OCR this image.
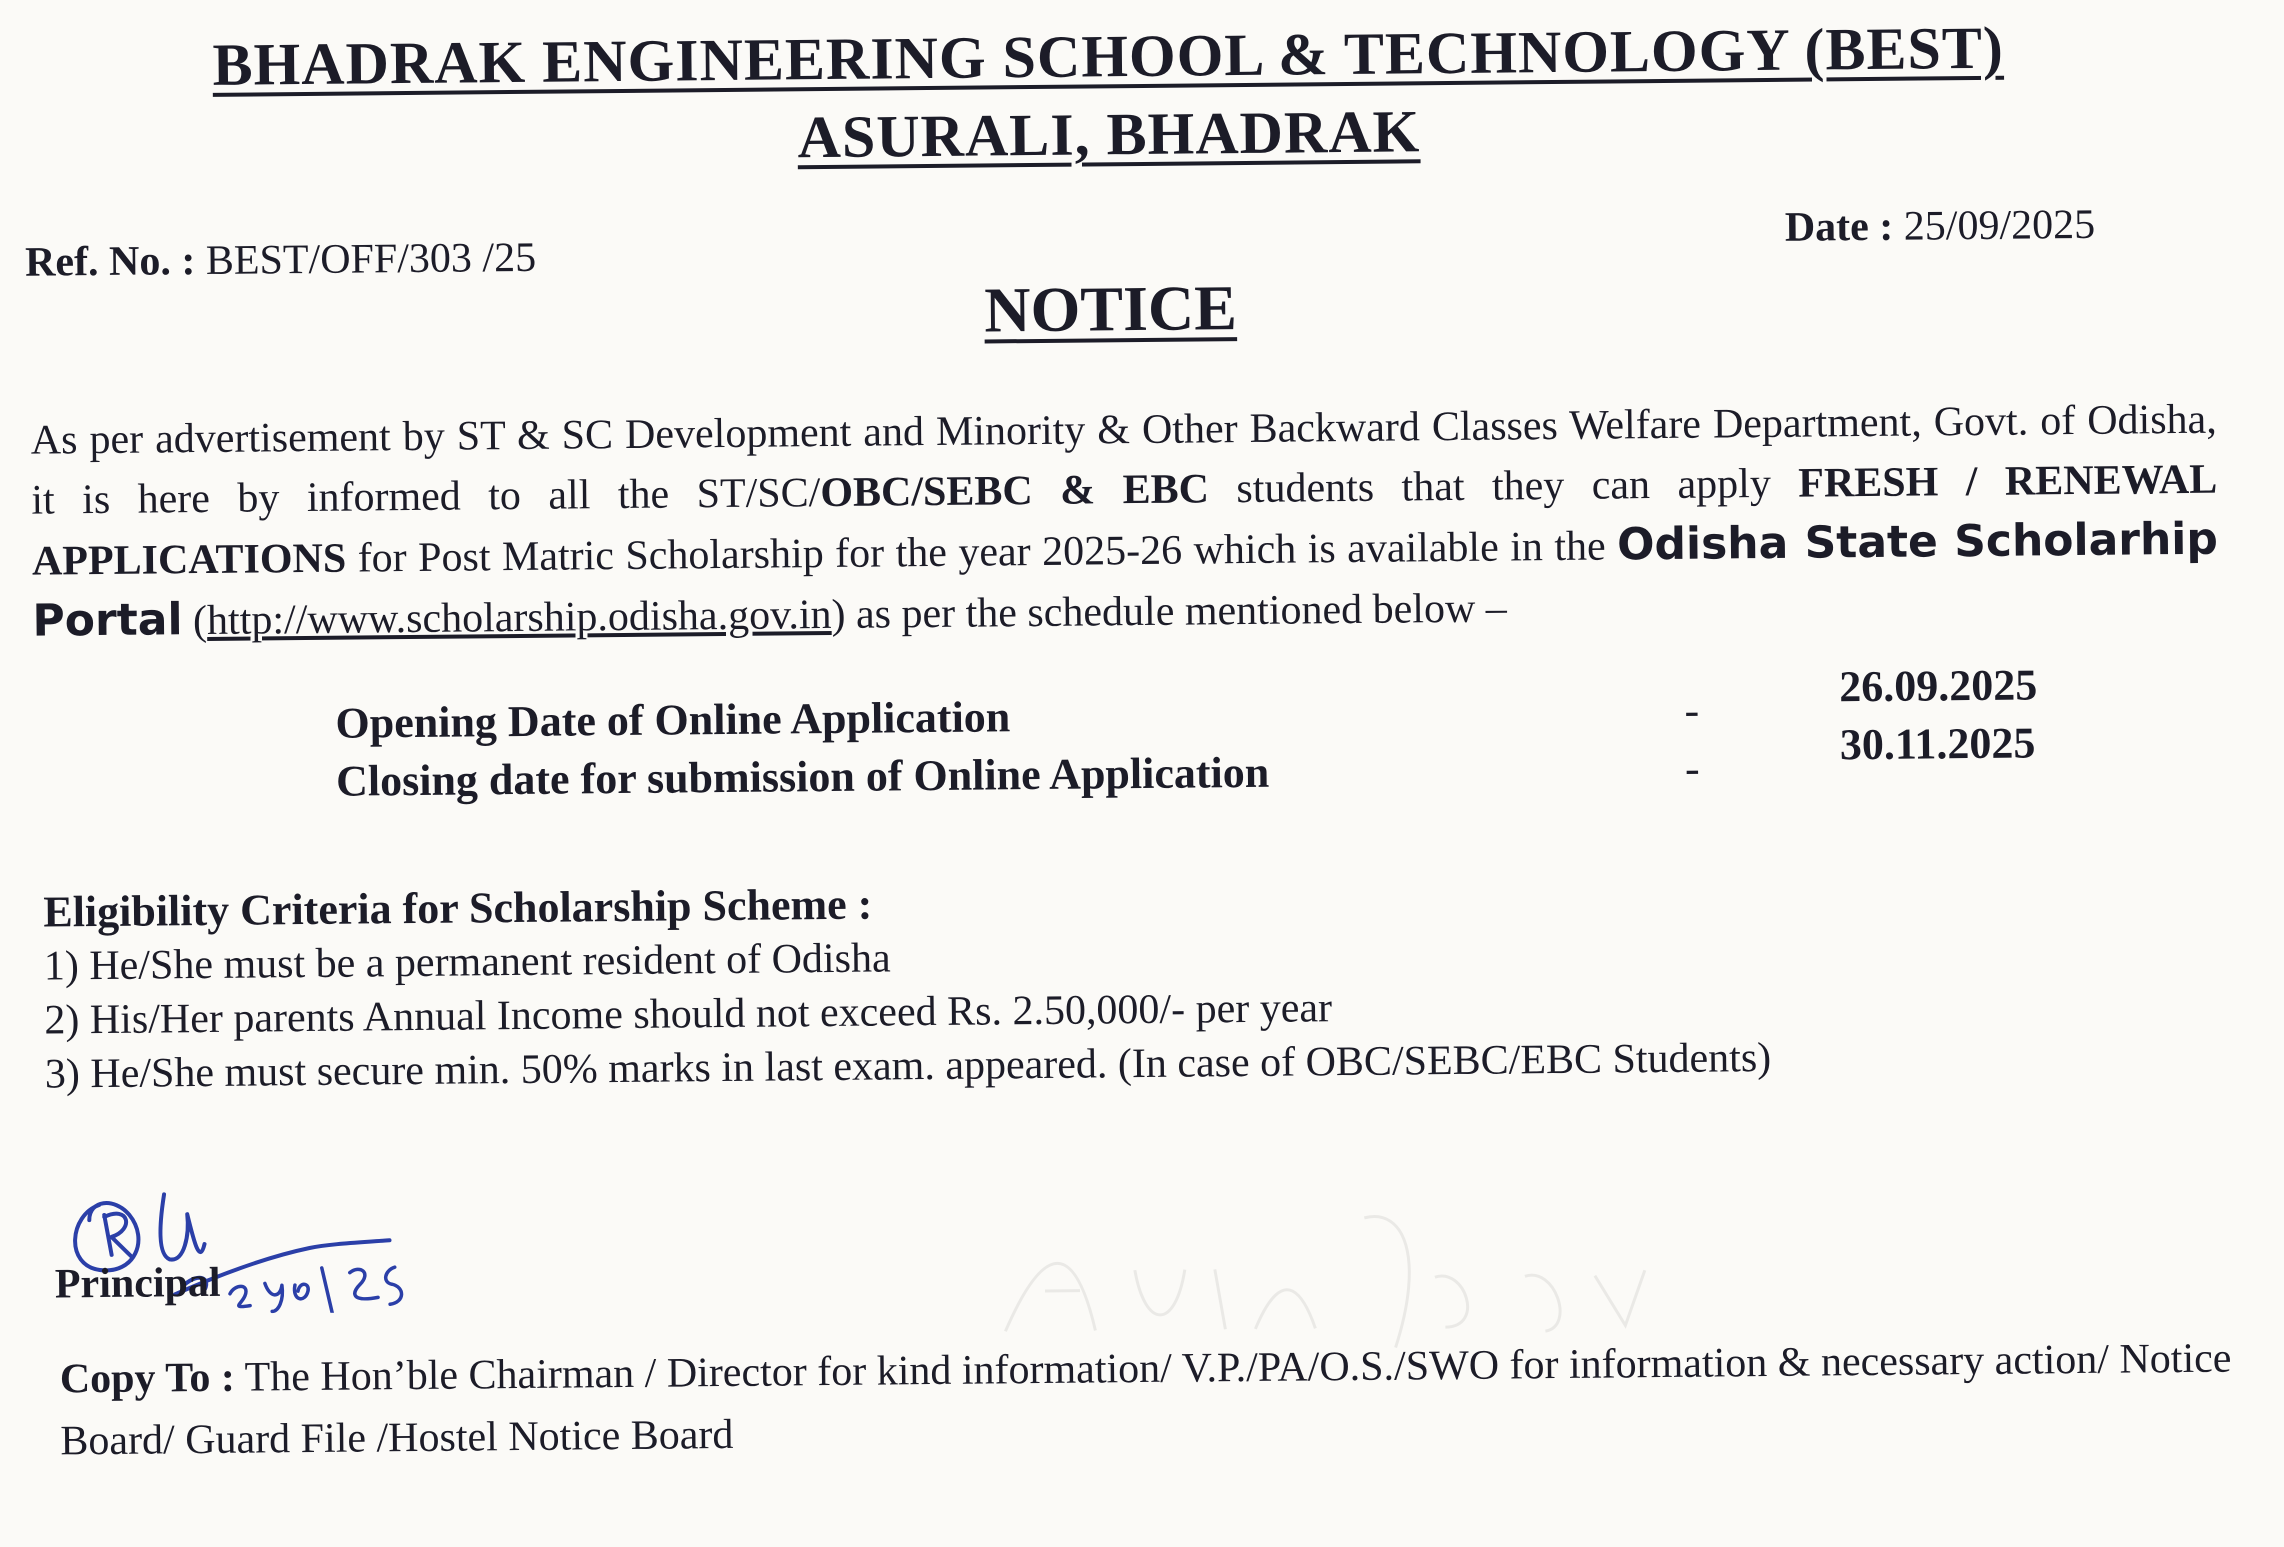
BHADRAK ENGINEERING SCHOOL & TECHNOLOGY (BEST)
ASURALI, BHADRAK
Ref. No. : BEST/OFF/303 /25
Date : 25/09/2025
NOTICE
As per advertisement by ST & SC Development and Minority & Other Backward Classes Welfare Department, Govt. of Odisha, it is here by informed to all the ST/SC/OBC/SEBC & EBC students that they can apply FRESH / RENEWAL APPLICATIONS for Post Matric Scholarship for the year 2025-26 which is available in the Odisha State Scholarhip Portal (http://www.scholarship.odisha.gov.in) as per the schedule mentioned below –
Opening Date of Online Application	-	26.09.2025
Closing date for submission of Online Application	-	30.11.2025
Eligibility Criteria for Scholarship Scheme :
1) He/She must be a permanent resident of Odisha
2) His/Her parents Annual Income should not exceed Rs. 2.50,000/- per year
3) He/She must secure min. 50% marks in last exam. appeared. (In case of OBC/SEBC/EBC Students)
Principal
Copy To : The Hon’ble Chairman / Director for kind information/ V.P./PA/O.S./SWO for information & necessary action/ Notice Board/ Guard File /Hostel Notice Board
